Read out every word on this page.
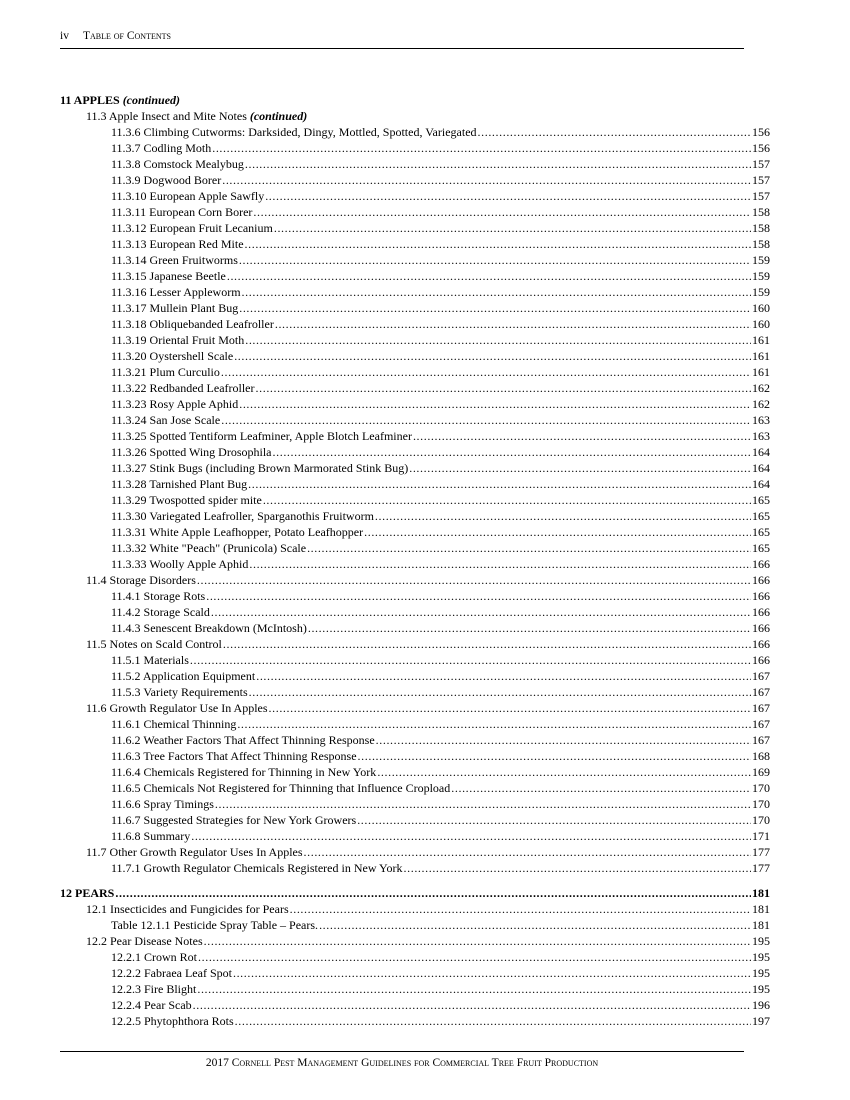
iv Table of Contents
11 APPLES (continued)
11.3 Apple Insect and Mite Notes (continued)
11.3.6 Climbing Cutworms: Darksided, Dingy, Mottled, Spotted, Variegated .....	156
11.3.7 Codling Moth .....	156
11.3.8 Comstock Mealybug .....	157
11.3.9 Dogwood Borer .....	157
11.3.10 European Apple Sawfly .....	157
11.3.11 European Corn Borer .....	158
11.3.12 European Fruit Lecanium .....	158
11.3.13 European Red Mite .....	158
11.3.14 Green Fruitworms .....	159
11.3.15 Japanese Beetle .....	159
11.3.16 Lesser Appleworm .....	159
11.3.17 Mullein Plant Bug .....	160
11.3.18 Obliquebanded Leafroller .....	160
11.3.19 Oriental Fruit Moth .....	161
11.3.20 Oystershell Scale .....	161
11.3.21 Plum Curculio .....	161
11.3.22 Redbanded Leafroller .....	162
11.3.23 Rosy Apple Aphid .....	162
11.3.24 San Jose Scale .....	163
11.3.25 Spotted Tentiform Leafminer, Apple Blotch Leafminer .....	163
11.3.26 Spotted Wing Drosophila .....	164
11.3.27 Stink Bugs (including Brown Marmorated Stink Bug) .....	164
11.3.28 Tarnished Plant Bug .....	164
11.3.29 Twospotted spider mite .....	165
11.3.30 Variegated Leafroller, Sparganothis Fruitworm .....	165
11.3.31 White Apple Leafhopper, Potato Leafhopper .....	165
11.3.32 White "Peach" (Prunicola) Scale .....	165
11.3.33 Woolly Apple Aphid .....	166
11.4 Storage Disorders .....	166
11.4.1 Storage Rots .....	166
11.4.2 Storage Scald .....	166
11.4.3 Senescent Breakdown (McIntosh) .....	166
11.5 Notes on Scald Control .....	166
11.5.1 Materials .....	166
11.5.2 Application Equipment .....	167
11.5.3 Variety Requirements .....	167
11.6 Growth Regulator Use In Apples .....	167
11.6.1 Chemical Thinning .....	167
11.6.2 Weather Factors That Affect Thinning Response .....	167
11.6.3 Tree Factors That Affect Thinning Response .....	168
11.6.4 Chemicals Registered for Thinning in New York .....	169
11.6.5 Chemicals Not Registered for Thinning that Influence Cropload .....	170
11.6.6 Spray Timings .....	170
11.6.7 Suggested Strategies for New York Growers .....	170
11.6.8 Summary .....	171
11.7 Other Growth Regulator Uses In Apples .....	177
11.7.1 Growth Regulator Chemicals Registered in New York .....	177
12 PEARS .....	181
12.1 Insecticides and Fungicides for Pears .....	181
Table 12.1.1 Pesticide Spray Table – Pears. .....	181
12.2 Pear Disease Notes .....	195
12.2.1 Crown Rot .....	195
12.2.2 Fabraea Leaf Spot .....	195
12.2.3 Fire Blight .....	195
12.2.4 Pear Scab .....	196
12.2.5 Phytophthora Rots .....	197
2017 Cornell Pest Management Guidelines for Commercial Tree Fruit Production
